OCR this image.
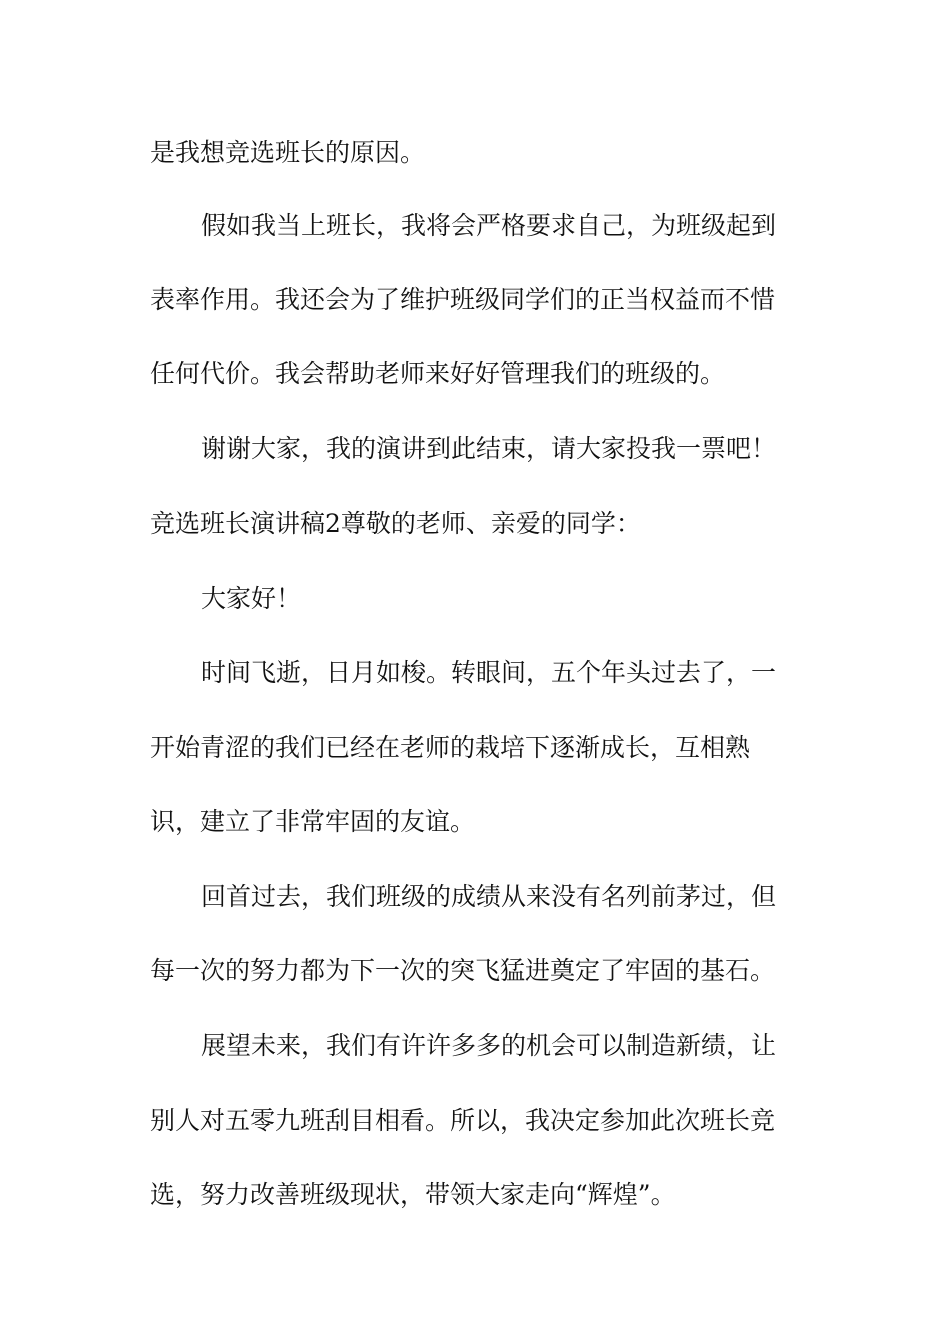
是我想竞选班长的原因。
假如我当上班长，我将会严格要求自己，为班级起到
表率作用。我还会为了维护班级同学们的正当权益而不惜
任何代价。我会帮助老师来好好管理我们的班级的。
谢谢大家，我的演讲到此结束，请大家投我一票吧！
竞选班长演讲稿2尊敬的老师、亲爱的同学：
大家好！
时间飞逝，日月如梭。转眼间，五个年头过去了，一
开始青涩的我们已经在老师的栽培下逐渐成长，互相熟
识，建立了非常牢固的友谊。
回首过去，我们班级的成绩从来没有名列前茅过，但
每一次的努力都为下一次的突飞猛进奠定了牢固的基石。
展望未来，我们有许许多多的机会可以制造新绩，让
别人对五零九班刮目相看。所以，我决定参加此次班长竞
选，努力改善班级现状，带领大家走向“辉煌”。
